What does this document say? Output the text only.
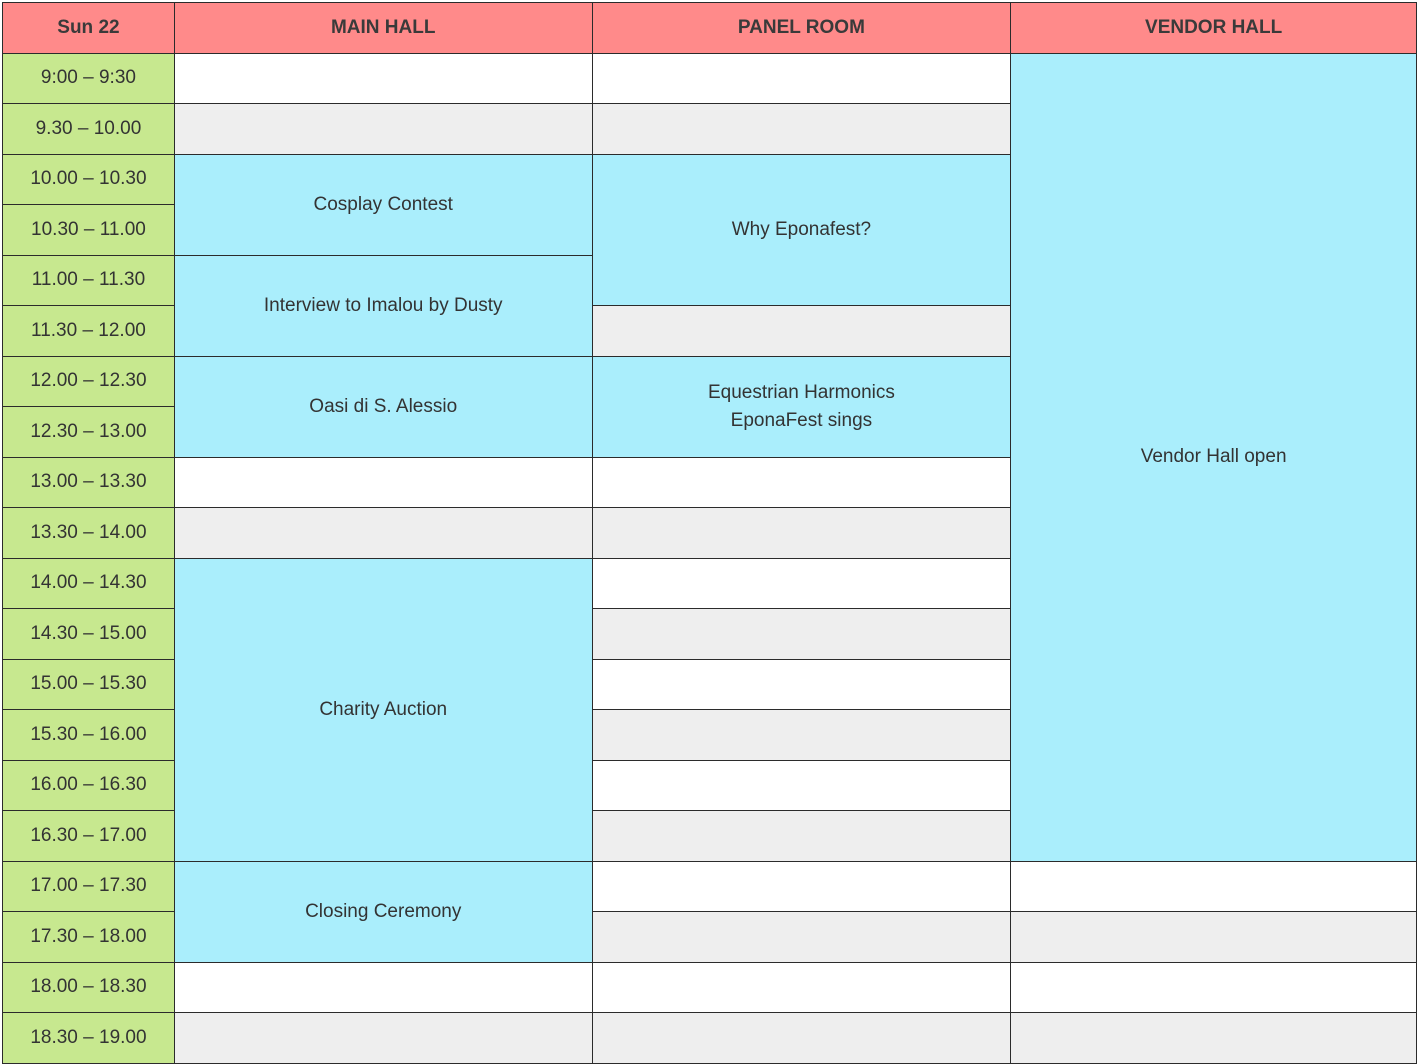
Sun 22	MAIN HALL	PANEL ROOM	VENDOR HALL
9:00 – 9:30			Vendor Hall open
9.30 – 10.00			
10.00 – 10.30	Cosplay Contest	Why Eponafest?	
10.30 – 11.00			
11.00 – 11.30	Interview to Imalou by Dusty		
11.30 – 12.00			
12.00 – 12.30	Oasi di S. Alessio	Equestrian Harmonics
EponaFest sings	

12.30 – 13.00			
13.00 – 13.30			
13.30 – 14.00			
14.00 – 14.30	Charity Auction		
14.30 – 15.00			
15.00 – 15.30			
15.30 – 16.00			
16.00 – 16.30			
16.30 – 17.00			
17.00 – 17.30	Closing Ceremony		
17.30 – 18.00			
18.00 – 18.30			
18.30 – 19.00			
